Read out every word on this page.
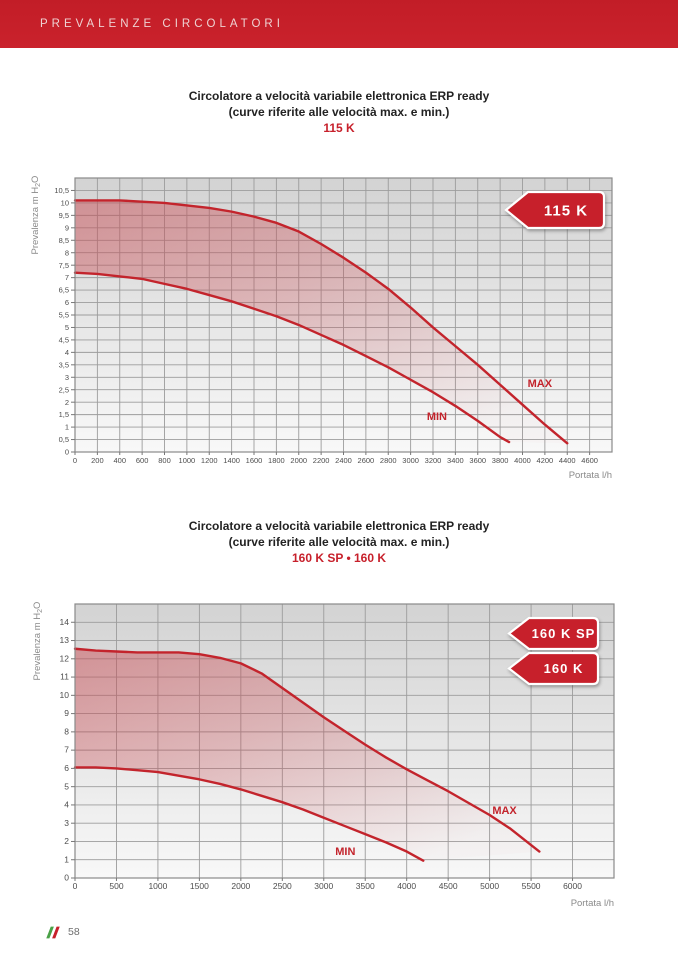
PREVALENZE CIRCOLATORI
Circolatore a velocità variabile elettronica ERP ready
(curve riferite alle velocità max. e min.)
115 K
0 200 400 600 800 1000 1200 1400 1600 1800 2000 2200 2400 2600 2800 3000 3200 3400 3600 3800 4000 4200 4400 4600
0
0,5
1
1,5
2
2,5
3
3,5
4
4,5
5
5,5
6
6,5
7
7,5
8
8,5
9
9,5
10
10,5
Portata l/h
Prevalenza m $H_2O$
MAX
MIN
115 K
Circolatore a velocità variabile elettronica ERP ready
(curve riferite alle velocità max. e min.)
160 K SP • 160 K
0	500	1000	1500	2000	2500	3000	3500	4000	4500	5000	5500	6000
0
1
2
3
4
5
6
7
8
9
10
11
12
13
14
Portata l/h
Prevalenza m $H_2O$
MAX
MIN
160 K SP
160 K
58
